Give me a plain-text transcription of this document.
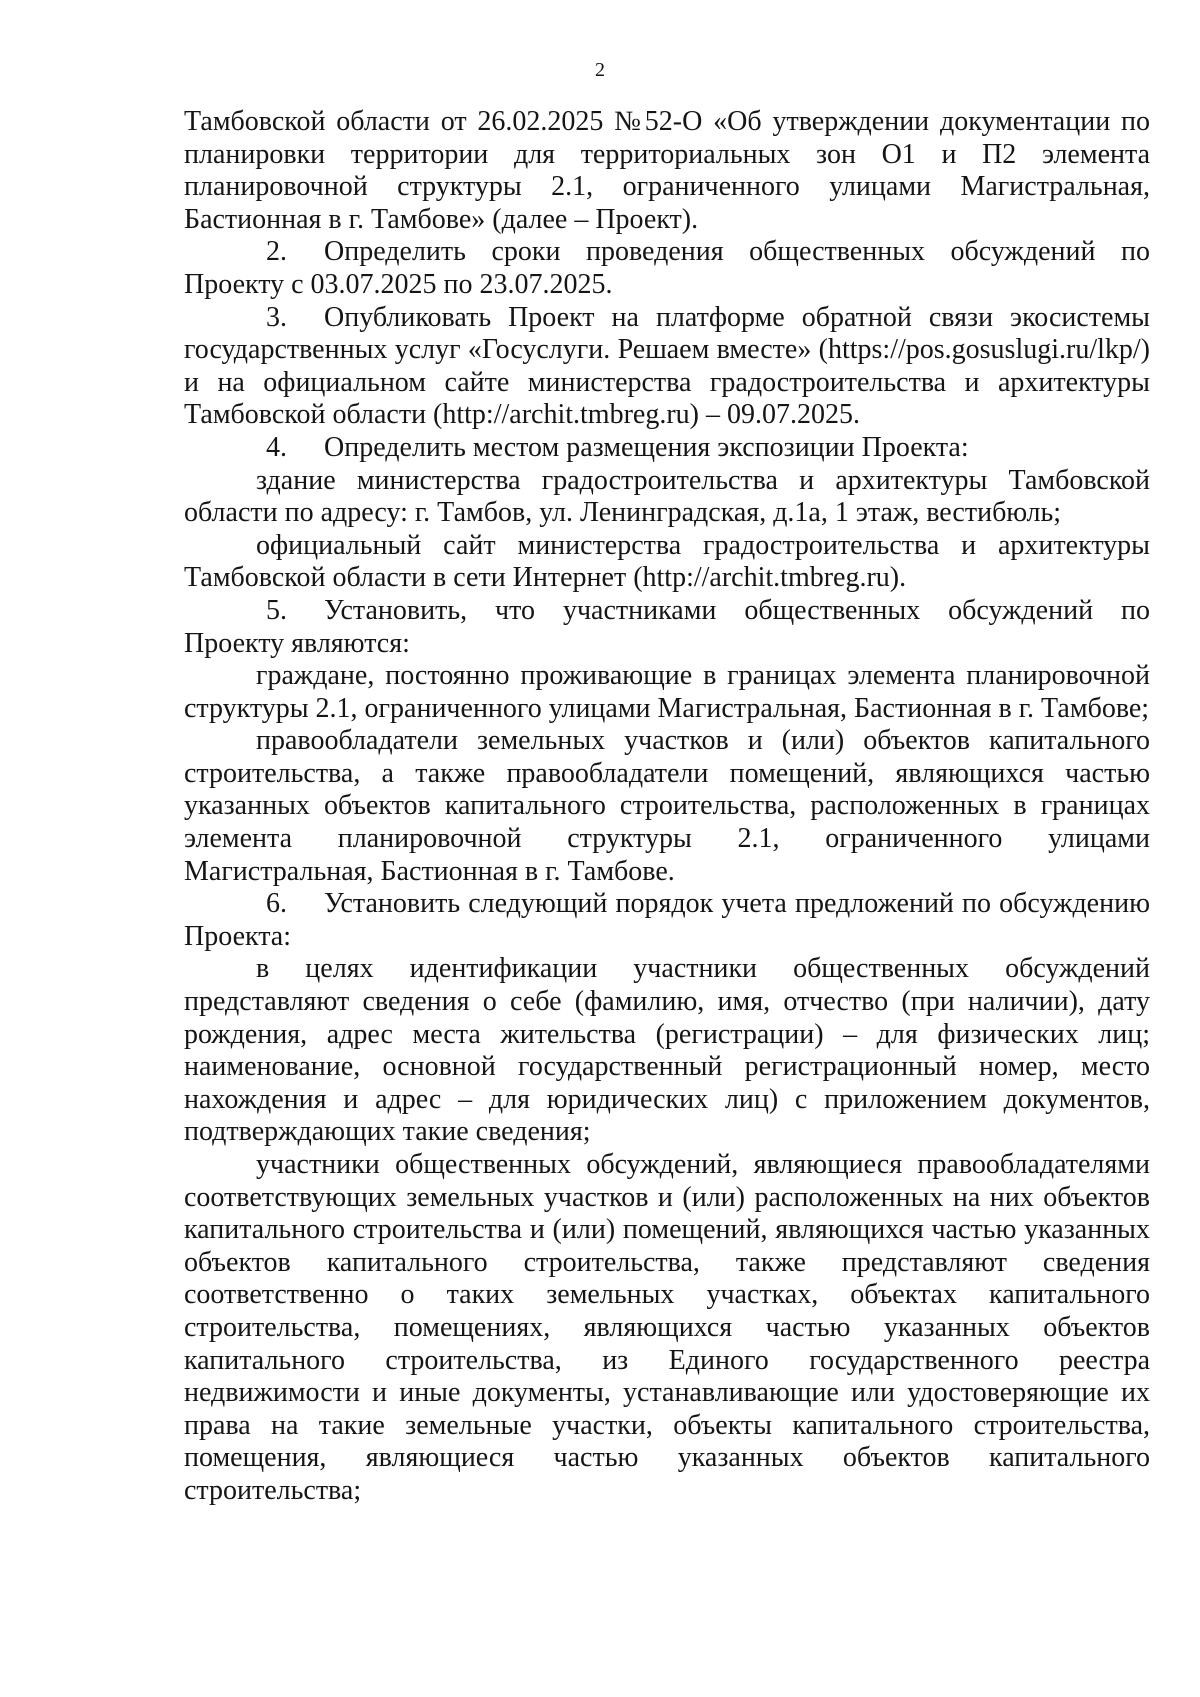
2

Тамбовской области от 26.02.2025 №52-О «Об утверждении документации по планировки территории для территориальных зон О1 и П2 элемента планировочной структуры 2.1, ограниченного улицами Магистральная, Бастионная в г. Тамбове» (далее – Проект).

2. Определить сроки проведения общественных обсуждений по Проекту с 03.07.2025 по 23.07.2025.

3. Опубликовать Проект на платформе обратной связи экосистемы государственных услуг «Госуслуги. Решаем вместе» (https://pos.gosuslugi.ru/lkp/) и на официальном сайте министерства градостроительства и архитектуры Тамбовской области (http://archit.tmbreg.ru) – 09.07.2025.

4. Определить местом размещения экспозиции Проекта:

здание министерства градостроительства и архитектуры Тамбовской области по адресу: г. Тамбов, ул. Ленинградская, д.1а, 1 этаж, вестибюль;

официальный сайт министерства градостроительства и архитектуры Тамбовской области в сети Интернет (http://archit.tmbreg.ru).

5. Установить, что участниками общественных обсуждений по Проекту являются:

граждане, постоянно проживающие в границах элемента планировочной структуры 2.1, ограниченного улицами Магистральная, Бастионная в г. Тамбове;

правообладатели земельных участков и (или) объектов капитального строительства, а также правообладатели помещений, являющихся частью указанных объектов капитального строительства, расположенных в границах элемента планировочной структуры 2.1, ограниченного улицами Магистральная, Бастионная в г. Тамбове.

6. Установить следующий порядок учета предложений по обсуждению Проекта:

в целях идентификации участники общественных обсуждений представляют сведения о себе (фамилию, имя, отчество (при наличии), дату рождения, адрес места жительства (регистрации) – для физических лиц; наименование, основной государственный регистрационный номер, место нахождения и адрес – для юридических лиц) с приложением документов, подтверждающих такие сведения;

участники общественных обсуждений, являющиеся правообладателями соответствующих земельных участков и (или) расположенных на них объектов капитального строительства и (или) помещений, являющихся частью указанных объектов капитального строительства, также представляют сведения соответственно о таких земельных участках, объектах капитального строительства, помещениях, являющихся частью указанных объектов капитального строительства, из Единого государственного реестра недвижимости и иные документы, устанавливающие или удостоверяющие их права на такие земельные участки, объекты капитального строительства, помещения, являющиеся частью указанных объектов капитального строительства;
